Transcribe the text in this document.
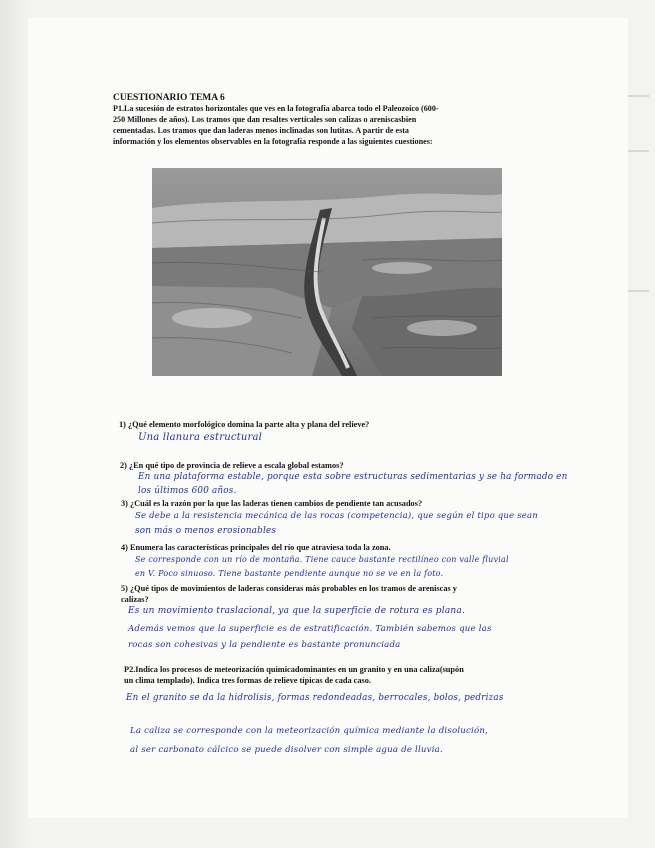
CUESTIONARIO TEMA 6
P1.La sucesión de estratos horizontales que ves en la fotografía abarca todo el Paleozoico (600-
250 Millones de años). Los tramos que dan resaltes verticales son calizas o areniscasbien
cementadas. Los tramos que dan laderas menos inclinadas son lutitas. A partir de esta
información y los elementos observables en la fotografía responde a las siguientes cuestiones:
1) ¿Qué elemento morfológico domina la parte alta y plana del relieve?
Una llanura estructural
2) ¿En qué tipo de provincia de relieve a escala global estamos?
En una plataforma estable, porque esta sobre estructuras sedimentarias y se ha formado en
los últimos 600 años.
3) ¿Cuál es la razón por la que las laderas tienen cambios de pendiente tan acusados?
Se debe a la resistencia mecánica de las rocas (competencia), que según el tipo que sean
son más o menos erosionables
4) Enumera las características principales del río que atraviesa toda la zona.
Se corresponde con un río de montaña. Tiene cauce bastante rectilíneo con valle fluvial
en V. Poco sinuoso. Tiene bastante pendiente aunque no se ve en la foto.
5) ¿Qué tipos de movimientos de laderas consideras más probables en los tramos de areniscas y
calizas?
Es un movimiento traslacional, ya que la superficie de rotura es plana.
Además vemos que la superficie es de estratificación. También sabemos que las
rocas son cohesivas y la pendiente es bastante pronunciada
P2.Indica los procesos de meteorización quimicadominantes en un granito y en una caliza(supón
un clima templado). Indica tres formas de relieve típicas de cada caso.
En el granito se da la hidrolisis, formas redondeadas, berrocales, bolos, pedrizas
La caliza se corresponde con la meteorización química mediante la disolución,
al ser carbonato cálcico se puede disolver con simple agua de lluvia.
